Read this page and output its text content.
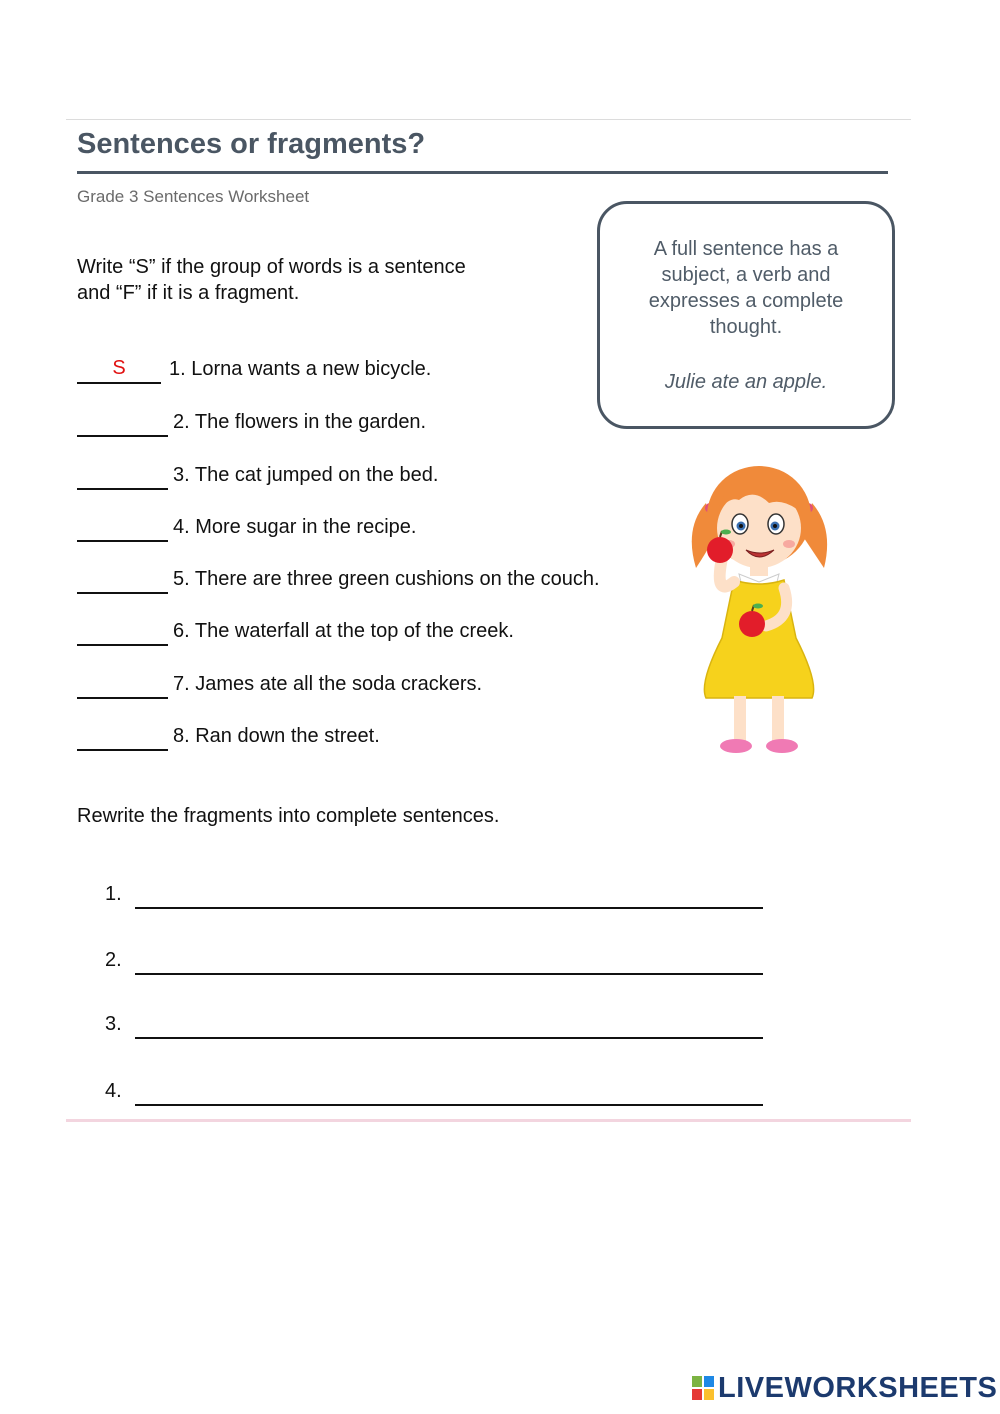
Sentences or fragments?
Grade 3 Sentences Worksheet
Write “S” if the group of words is a sentence
and “F” if it is a fragment.
A full sentence has a subject, a verb and expresses a complete thought.
Julie ate an apple.
S	1. Lorna wants a new bicycle.
2. The flowers in the garden.
3. The cat jumped on the bed.
4. More sugar in the recipe.
5. There are three green cushions on the couch.
6. The waterfall at the top of the creek.
7. James ate all the soda crackers.
8. Ran down the street.
Rewrite the fragments into complete sentences.
1.
2.
3.
4.
LIVEWORKSHEETS
